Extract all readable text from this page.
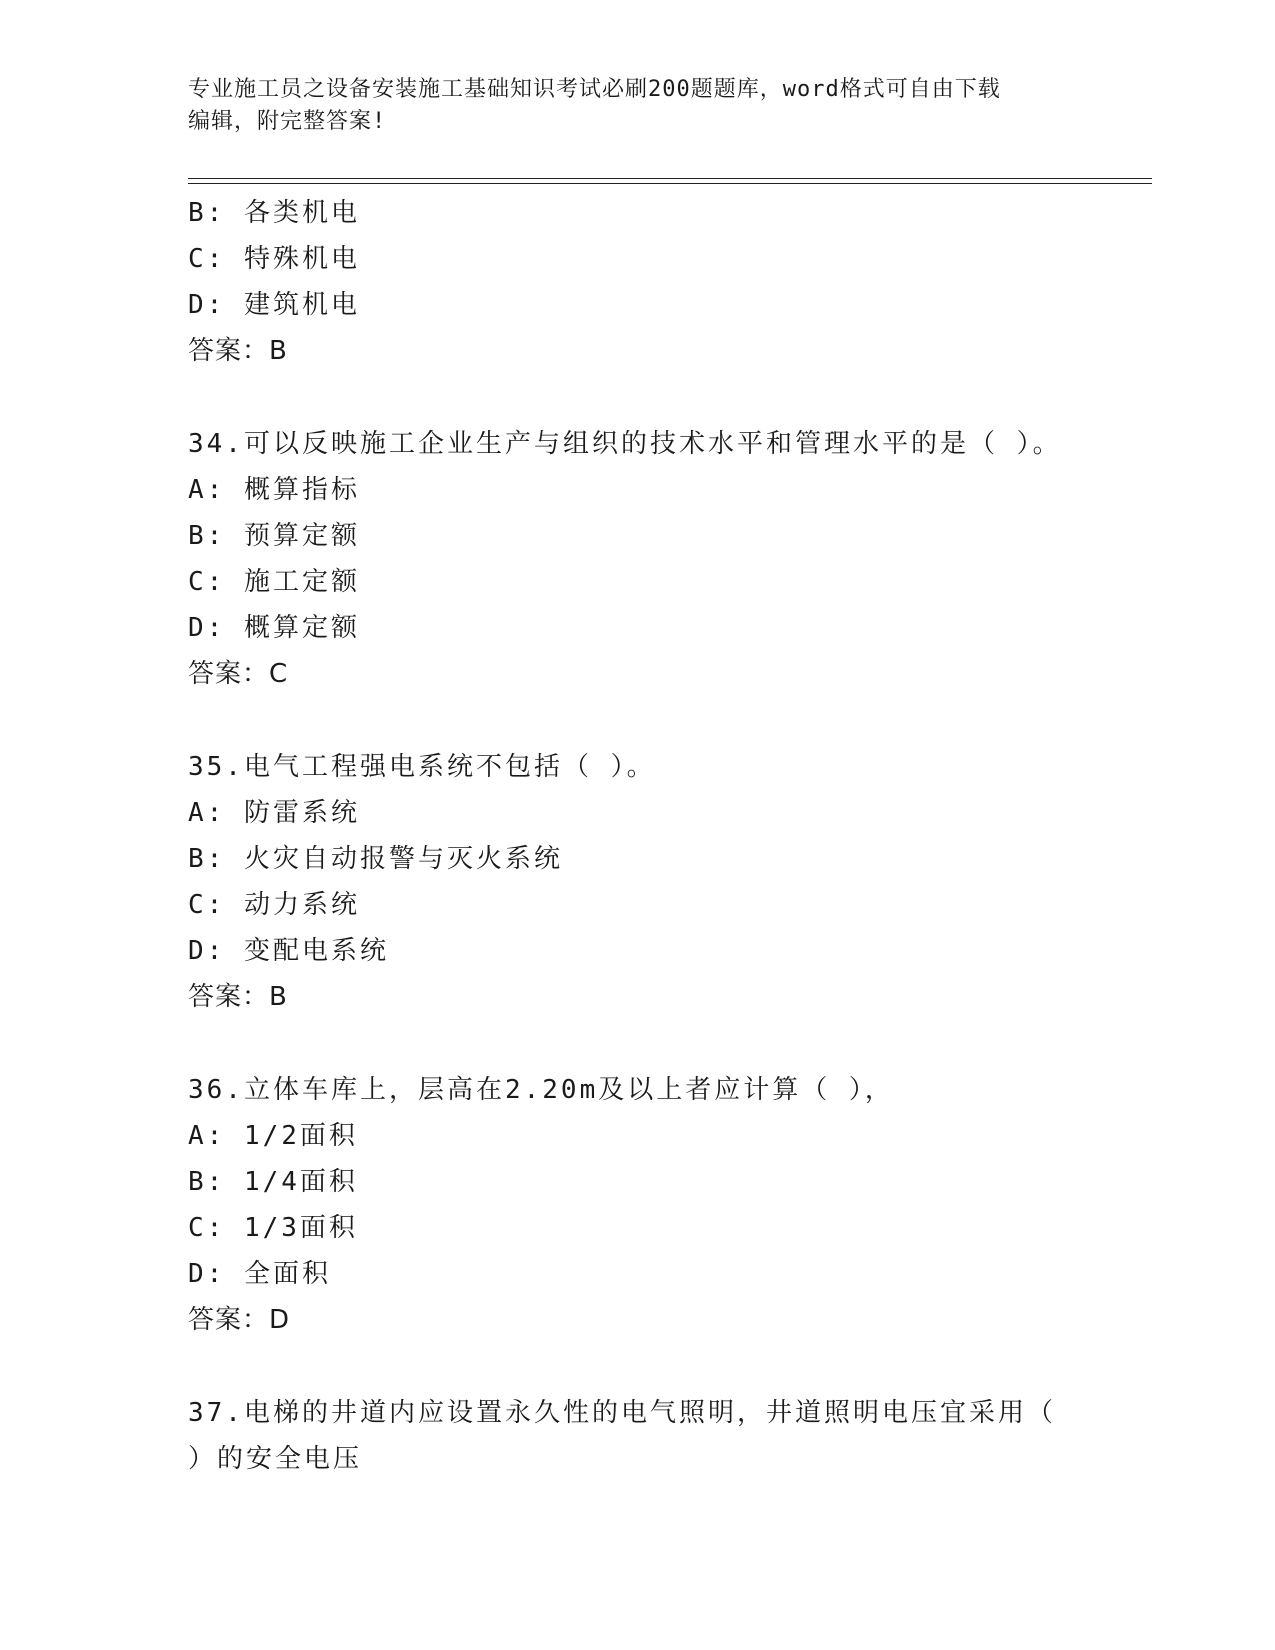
专业施工员之设备安装施工基础知识考试必刷200题题库，word格式可自由下载
编辑，附完整答案!
B: 各类机电
C: 特殊机电
D: 建筑机电
答案：B
34.可以反映施工企业生产与组织的技术水平和管理水平的是（ ）。
A: 概算指标
B: 预算定额
C: 施工定额
D: 概算定额
答案：C
35.电气工程强电系统不包括（ ）。
A: 防雷系统
B: 火灾自动报警与灭火系统
C: 动力系统
D: 变配电系统
答案：B
36.立体车库上，层高在2.20m及以上者应计算（ ），
A: 1/2面积
B: 1/4面积
C: 1/3面积
D: 全面积
答案：D
37.电梯的井道内应设置永久性的电气照明，井道照明电压宜采用（
）的安全电压
